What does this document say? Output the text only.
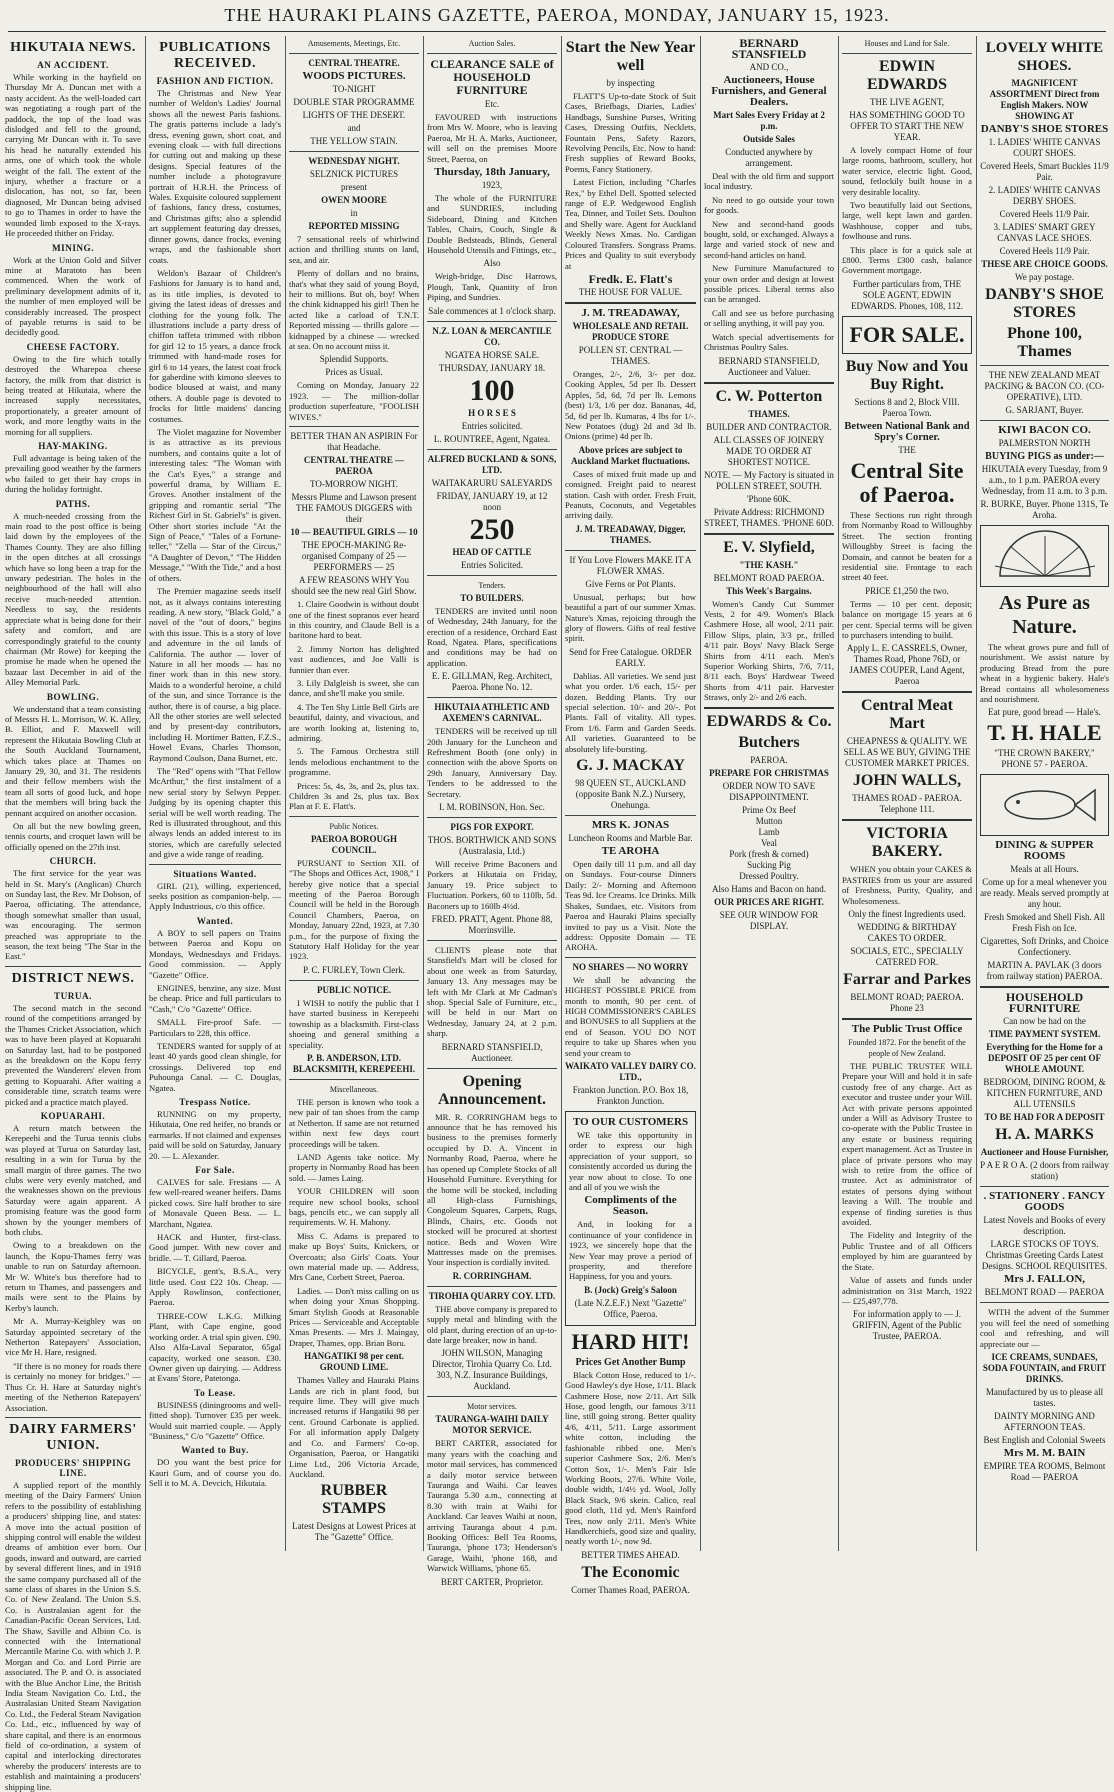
THE HAURAKI PLAINS GAZETTE, PAEROA, MONDAY, JANUARY 15, 1923.
HIKUTAIA NEWS.
AN ACCIDENT.

While working in the hayfield on Thursday Mr A. Duncan met with a nasty accident. As the well-loaded cart was negotiating a rough part of the paddock, the top of the load was dislodged and fell to the ground, carrying Mr Duncan with it. To save his head he naturally extended his arms, one of which took the whole weight of the fall. The extent of the injury, whether a fracture or a dislocation, has not, so far, been diagnosed, Mr Duncan being advised to go to Thames in order to have the wounded limb exposed to the X-rays. He proceeded thither on Friday.

MINING.

Work at the Union Gold and Silver mine at Maratoto has been commenced. When the work of preliminary development admits of it, the number of men employed will be considerably increased. The prospect of payable returns is said to be decidedly good.

CHEESE FACTORY.

Owing to the fire which totally destroyed the Wharepoa cheese factory, the milk from that district is being treated at Hikutaia, where the increased supply necessitates, proportionately, a greater amount of work, and more lengthy waits in the morning for all suppliers.

HAY-MAKING.

Full advantage is being taken of the prevailing good weather by the farmers who failed to get their hay crops in during the holiday fortnight.

PATHS.

A much-needed crossing from the main road to the post office is being laid down by the employees of the Thames County. They are also filling in the open ditches at all crossings which have so long been a trap for the unwary pedestrian. The holes in the neighbourhood of the hall will also receive much-needed attention. Needless to say, the residents appreciate what is being done for their safety and comfort, and are correspondingly grateful to the county chairman (Mr Rowe) for keeping the promise he made when he opened the bazaar last December in aid of the Alley Memorial Park.

BOWLING.

We understand that a team consisting of Messrs H. L. Morrison, W. K. Alley, B. Elliot, and F. Maxwell will represent the Hikutaia Bowling Club at the South Auckland Tournament, which takes place at Thames on January 29, 30, and 31. The residents and their fellow members wish the team all sorts of good luck, and hope that the members will bring back the pennant acquired on another occasion.

On all but the new bowling green, tennis courts, and croquet lawn will be officially opened on the 27th inst.

CHURCH.

The first service for the year was held in St. Mary's (Anglican) Church on Sunday last, the Rev. Mr Dobson, of Paeroa, officiating. The attendance, though somewhat smaller than usual, was encouraging. The sermon preached was appropriate to the season, the text being "The Star in the East."

DISTRICT NEWS.
TURUA.

The second match in the second round of the competitions arranged by the Thames Cricket Association, which was to have been played at Kopuarahi on Saturday last, had to be postponed as the breakdown on the Kopu ferry prevented the Wanderers' eleven from getting to Kopuarahi. After waiting a considerable time, scratch teams were picked and a practice match played.

KOPUARAHI.

A return match between the Kerepeehi and the Turua tennis clubs was played at Turua on Saturday last, resulting in a win for Turua by the small margin of three games. The two clubs were very evenly matched, and the weaknesses shown on the previous Saturday were again apparent. A promising feature was the good form shown by the younger members of both clubs.

Owing to a breakdown on the launch, the Kopu-Thames ferry was unable to run on Saturday afternoon. Mr W. White's bus therefore had to return to Thames, and passengers and mails were sent to the Plains by Kerby's launch.

Mr A. Murray-Keighley was on Saturday appointed secretary of the Netherton Ratepayers' Association, vice Mr H. Hare, resigned.

"If there is no money for roads there is certainly no money for bridges." — Thus Cr. H. Hare at Saturday night's meeting of the Netherton Ratepayers' Association.

DAIRY FARMERS' UNION.
PRODUCERS' SHIPPING LINE.

A supplied report of the monthly meeting of the Dairy Farmers' Union refers to the possibility of establishing a producers' shipping line, and states: A move into the actual position of shipping control will enable the wildest dreams of ambition ever born. Our goods, inward and outward, are carried by several different lines, and in 1918 the same company purchased all of the same class of shares in the Union S.S. Co. of New Zealand. The Union S.S. Co. is Australasian agent for the Canadian-Pacific Ocean Services, Ltd. The Shaw, Saville and Albion Co. is connected with the International Mercantile Marine Co. with which J. P. Morgan and Co. and Lord Pirrie are associated. The P. and O. is associated with the Blue Anchor Line, the British India Steam Navigation Co. Ltd., the Australasian United Steam Navigation Co. Ltd., the Federal Steam Navigation Co. Ltd., etc., influenced by way of share capital, and there is an enormous field of co-ordination, a system of capital and interlocking directorates whereby the producers' interests are to establish and maintaining a producers' shipping line.

PUBLICATIONS RECEIVED.
FASHION AND FICTION.

The Christmas and New Year number of Weldon's Ladies' Journal shows all the newest Paris fashions. The gratis patterns include a lady's dress, evening gown, short coat, and evening cloak — with full directions for cutting out and making up these designs. Special features of the number include a photogravure portrait of H.R.H. the Princess of Wales. Exquisite coloured supplement of fashions, fancy dress, costumes, and Christmas gifts; also a splendid art supplement featuring day dresses, dinner gowns, dance frocks, evening wraps, and the fashionable short coats.

Weldon's Bazaar of Children's Fashions for January is to hand and, as its title implies, is devoted to giving the latest ideas of dresses and clothing for the young folk. The illustrations include a party dress of chiffon taffeta trimmed with ribbon for girl 12 to 15 years, a dance frock trimmed with hand-made roses for girl 6 to 14 years, the latest coat frock for gaberdine with kimono sleeves to bodice bloused at waist, and many others. A double page is devoted to frocks for little maidens' dancing costumes.

The Violet magazine for November is as attractive as its previous numbers, and contains quite a lot of interesting tales: "The Woman with the Cat's Eyes," a strange and powerful drama, by William E. Groves. Another instalment of the gripping and romantic serial "The Richest Girl in St. Gabriel's" is given. Other short stories include "At the Sign of Peace," "Tales of a Fortune-teller," "Zella — Star of the Circus," "A Daughter of Devon," "The Hidden Message," "With the Tide," and a host of others.

The Premier magazine seeds itself not, as it always contains interesting reading. A new story, "Black Gold," a novel of the "out of doors," begins with this issue. This is a story of love and adventure in the oil lands of California. The author — lover of Nature in all her moods — has no finer work than in this new story. Maids to a wonderful heroine, a child of the sun, and since Torrance is the author, there is of course, a big place. All the other stories are well selected and by present-day contributors, including H. Mortimer Batten, F.Z.S., Howel Evans, Charles Thomson, Raymond Coulson, Dana Burnet, etc.

The "Red" opens with "That Fellow McArthur," the first instalment of a new serial story by Selwyn Pepper. Judging by its opening chapter this serial will be well worth reading. The Red is illustrated throughout, and this always lends an added interest to its stories, which are carefully selected and give a wide range of reading.

Situations Wanted.

GIRL (21), willing, experienced, seeks position as companion-help. — Apply Industrious, c/o this office.

Wanted.

A BOY to sell papers on Trains between Paeroa and Kopu on Mondays, Wednesdays and Fridays. Good commission. — Apply "Gazette" Office.

ENGINES, benzine, any size. Must be cheap. Price and full particulars to "Cash," C/o "Gazette" Office.

SMALL Fire-proof Safe. — Particulars to 228, this office.

TENDERS wanted for supply of at least 40 yards good clean shingle, for crossings. Delivered top end Puhounga Canal. — C. Douglas, Ngatea.

Trespass Notice.

RUNNING on my property, Hikutaia, One red heifer, no brands or earmarks. If not claimed and expenses paid will be sold on Saturday, January 20. — L. Alexander.

For Sale.

CALVES for sale. Fresians — A few well-reared weaner heifers. Dams picked cows. Sire half brother to sire of Monavale Queen Bess. — L. Marchant, Ngatea.

HACK and Hunter, first-class. Good jumper. With new cover and bridle. — T. Gillard, Paeroa.

BICYCLE, gent's, B.S.A., very little used. Cost £22 10s. Cheap. — Apply Rowlinson, confectioner, Paeroa.

THREE-COW L.K.G. Milking Plant, with Cape engine, good working order. A trial spin given. £90. Also Alfa-Laval Separator, 65gal capacity, worked one season. £30. Owner given up dairying. — Address at Evans' Store, Patetonga.

To Lease.

BUSINESS (diningrooms and well-fitted shop). Turnover £35 per week. Would suit married couple. — Apply "Business," C/o "Gazette" Office.

Wanted to Buy.

DO you want the best price for Kauri Gum, and of course you do. Sell it to M. A. Devcich, Hikutaia.

Amusements, Meetings, Etc.
CENTRAL THEATRE.
WOODS PICTURES.
TO-NIGHT
DOUBLE STAR PROGRAMME
LIGHTS OF THE DESERT.
and
THE YELLOW STAIN.
WEDNESDAY NIGHT.
SELZNICK PICTURES
present
OWEN MOORE
in
REPORTED MISSING

7 sensational reels of whirlwind action and thrilling stunts on land, sea, and air.

Plenty of dollars and no brains, that's what they said of young Boyd, heir to millions. But oh, boy! When the chink kidnapped his girl! Then he acted like a carload of T.N.T. Reported missing — thrills galore — kidnapped by a chinese — wrecked at sea. On no account miss it.

Splendid Supports.
Prices as Usual.

Coming on Monday, January 22 1923. — The million-dollar production superfeature, "FOOLISH WIVES."

BETTER THAN AN ASPIRIN For that Headache.
CENTRAL THEATRE — PAEROA
TO-MORROW NIGHT.
Messrs Plume and Lawson present THE FAMOUS DIGGERS with their
10 — BEAUTIFUL GIRLS — 10
THE EPOCH-MAKING Re-organised Company of 25 — PERFORMERS — 25
A FEW REASONS WHY You should see the new real Girl Show.

1. Claire Goodwin is without doubt one of the finest sopranos ever heard in this country, and Claude Bell is a baritone hard to beat.

2. Jimmy Norton has delighted vast audiences, and Joe Valli is funnier than ever.

3. Lily Dalgleish is sweet, she can dance, and she'll make you smile.

4. The Ten Shy Little Bell Girls are beautiful, dainty, and vivacious, and are worth looking at, listening to, admiring.

5. The Famous Orchestra still lends melodious enchantment to the programme.

Prices: 5s, 4s, 3s, and 2s, plus tax. Children 3s and 2s, plus tax. Box Plan at F. E. Flatt's.

Public Notices.
PAEROA BOROUGH COUNCIL.

PURSUANT to Section XII. of "The Shops and Offices Act, 1908," I hereby give notice that a special meeting of the Paeroa Borough Council will be held in the Borough Council Chambers, Paeroa, on Monday, January 22nd, 1923, at 7.30 p.m., for the purpose of fixing the Statutory Half Holiday for the year 1923.

P. C. FURLEY, Town Clerk.
PUBLIC NOTICE.

I WISH to notify the public that I have started business in Kerepeehi township as a blacksmith. First-class shoeing and general smithing a speciality.

P. B. ANDERSON, LTD. BLACKSMITH, KEREPEEHI.
Miscellaneous.

THE person is known who took a new pair of tan shoes from the camp at Netherton. If same are not returned within next few days court proceedings will be taken.

LAND Agents take notice. My property in Normanby Road has been sold. — James Laing.

YOUR CHILDREN will soon require new school books, school bags, pencils etc., we can supply all requirements. W. H. Mahony.

Miss C. Adams is prepared to make up Boys' Suits, Knickers, or Overcoats; also Girls' Coats. Your own material made up. — Address, Mrs Cane, Corbett Street, Paeroa.

Ladies. — Don't miss calling on us when doing your Xmas Shopping. Smart Stylish Goods at Reasonable Prices — Serviceable and Acceptable Xmas Presents. — Mrs J. Maingay, Draper, Thames, opp. Brian Boru.

HANGATIKI 98 per cent. GROUND LIME.

Thames Valley and Hauraki Plains Lands are rich in plant food, but require lime. They will give much increased returns if Hangatiki 98 per cent. Ground Carbonate is applied. For all information apply Dalgety and Co. and Farmers' Co-op. Organisation, Paeroa, or Hangatiki Lime Ltd., 206 Victoria Arcade, Auckland.

RUBBER STAMPS
Latest Designs at Lowest Prices at The "Gazette" Office.
Auction Sales.
CLEARANCE SALE of HOUSEHOLD FURNITURE
Etc.

FAVOURED with instructions from Mrs W. Moore, who is leaving Paeroa, Mr H. A. Marks, Auctioneer, will sell on the premises Moore Street, Paeroa, on

Thursday, 18th January,
1923,

The whole of the FURNITURE and SUNDRIES, including Sideboard, Dining and Kitchen Tables, Chairs, Couch, Single & Double Bedsteads, Blinds, General Household Utensils and Fittings, etc.,

Also

Weigh-bridge, Disc Harrows, Plough, Tank, Quantity of Iron Piping, and Sundries.

Sale commences at 1 o'clock sharp.
N.Z. LOAN & MERCANTILE CO.
NGATEA HORSE SALE.
THURSDAY, JANUARY 18.
100
H O R S E S
Entries solicited.
L. ROUNTREE, Agent, Ngatea.
ALFRED BUCKLAND & SONS, LTD.
WAITAKARURU SALEYARDS
FRIDAY, JANUARY 19, at 12 noon
250
HEAD OF CATTLE
Entries Solicited.
Tenders.
TO BUILDERS.

TENDERS are invited until noon of Wednesday, 24th January, for the erection of a residence, Orchard East Road, Ngatea. Plans, specifications and conditions may be had on application.

E. E. GILLMAN, Reg. Architect, Paeroa. Phone No. 12.
HIKUTAIA ATHLETIC AND AXEMEN'S CARNIVAL.

TENDERS will be received up till 20th January for the Luncheon and Refreshment Booth (one only) in connection with the above Sports on 29th January, Anniversary Day. Tenders to be addressed to the Secretary.

I. M. ROBINSON, Hon. Sec.
PIGS FOR EXPORT.
THOS. BORTHWICK AND SONS (Australasia, Ltd.)

Will receive Prime Baconers and Porkers at Hikutaia on Friday, January 19. Price subject to Fluctuation. Porkers, 60 to 110lb, 5d. Baconers up to 160lb 4½d.

FRED. PRATT, Agent. Phone 88, Morrinsville.

CLIENTS please note that Stansfield's Mart will be closed for about one week as from Saturday, January 13. Any messages may be left with Mr Clark at Mr Cadman's shop. Special Sale of Furniture, etc., will be held in our Mart on Wednesday, January 24, at 2 p.m. sharp.

BERNARD STANSFIELD, Auctioneer.
Opening Announcement.

MR. R. CORRINGHAM begs to announce that he has removed his business to the premises formerly occupied by D. A. Vincent in Normanby Road, Paeroa, where he has opened up Complete Stocks of all Household Furniture. Everything for the home will be stocked, including all High-class Furnishings, Congoleum Squares, Carpets, Rugs, Blinds, Chairs, etc. Goods not stocked will be procured at shortest notice. Beds and Woven Wire Mattresses made on the premises. Your inspection is cordially invited.

R. CORRINGHAM.
TIROHIA QUARRY COY. LTD.

THE above company is prepared to supply metal and blinding with the old plant, during erection of an up-to-date large breaker, now in hand.

JOHN WILSON, Managing Director, Tirohia Quarry Co. Ltd. 303, N.Z. Insurance Buildings, Auckland.
Motor services.
TAURANGA-WAIHI DAILY MOTOR SERVICE.

BERT CARTER, associated for many years with the coaching and motor mail services, has commenced a daily motor service between Tauranga and Waihi. Car leaves Tauranga 5.30 a.m., connecting at 8.30 with train at Waihi for Auckland. Car leaves Waihi at noon, arriving Tauranga about 4 p.m. Booking Offices: Bell Tea Rooms, Tauranga, 'phone 173; Henderson's Garage, Waihi, 'phone 168, and Warwick Williams, 'phone 65.

BERT CARTER, Proprietor.
Start the New Year well
by inspecting

FLATT'S Up-to-date Stock of Suit Cases, Briefbags, Diaries, Ladies' Handbags, Sunshine Purses, Writing Cases, Dressing Outfits, Necklets, Fountain Pens, Safety Razors, Revolving Pencils, Etc. Now to hand: Fresh supplies of Reward Books, Poems, Fancy Stationery.

Latest Fiction, including "Charles Rex," by Ethel Dell. Spotted selected range of E.P. Wedgewood English Tea, Dinner, and Toilet Sets. Doulton and Shelly ware. Agent for Auckland Weekly News Xmas. No. Cardigan Coloured Transfers. Songrass Prams. Prices and Quality to suit everybody at

Fredk. E. Flatt's
THE HOUSE FOR VALUE.
J. M. TREADAWAY,
WHOLESALE AND RETAIL PRODUCE STORE
POLLEN ST. CENTRAL — THAMES.

Oranges, 2/-, 2/6, 3/- per doz. Cooking Apples, 5d per lb. Dessert Apples, 5d, 6d, 7d per lb. Lemons (best) 1/3, 1/6 per doz. Bananas, 4d, 5d, 6d per lb. Kumaras, 4 lbs for 1/-. New Potatoes (dug) 2d and 3d lb. Onions (prime) 4d per lb.

Above prices are subject to Auckland Market fluctuations.

Cases of mixed fruit made up and consigned. Freight paid to nearest station. Cash with order. Fresh Fruit, Peanuts, Coconuts, and Vegetables arriving daily.

J. M. TREADAWAY, Digger, THAMES.
If You Love Flowers MAKE IT A FLOWER XMAS.
Give Ferns or Pot Plants.

Unusual, perhaps; but how beautiful a part of our summer Xmas. Nature's Xmas, rejoicing through the glory of flowers. Gifts of real festive spirit.

Send for Free Catalogue. ORDER EARLY.

Dahlias. All varieties. We send just what you order. 1/6 each, 15/- per dozen. Bedding Plants. Try our special selection. 10/- and 20/-. Pot Plants. Fall of vitality. All types. From 1/6. Farm and Garden Seeds. All varieties. Guaranteed to be absolutely life-bursting.

G. J. MACKAY
98 QUEEN ST., AUCKLAND (opposite Bank N.Z.) Nursery, Onehunga.
MRS K. JONAS
Luncheon Rooms and Marble Bar.
TE AROHA

Open daily till 11 p.m. and all day on Sundays. Four-course Dinners Daily: 2/- Morning and Afternoon Teas 9d. Ice Creams. Ice Drinks. Milk Shakes, Sundaes, etc. Visitors from Paeroa and Hauraki Plains specially invited to pay us a Visit. Note the address: Opposite Domain — TE AROHA.

NO SHARES — NO WORRY

We shall be advancing the HIGHEST POSSIBLE PRICE from month to month, 90 per cent. of HIGH COMMISSIONER'S CABLES and BONUSES to all Suppliers at the end of Season. YOU DO NOT require to take up Shares when you send your cream to

WAIKATO VALLEY DAIRY CO. LTD.,
Frankton Junction. P.O. Box 18, Frankton Junction.
TO OUR CUSTOMERS

WE take this opportunity in order to express our high appreciation of your support, so consistently accorded us during the year now about to close. To one and all of you we wish the

Compliments of the Season.

And, in looking for a continuance of your confidence in 1923, we sincerely hope that the New Year may prove a period of prosperity, and therefore Happiness, for you and yours.

B. (Jock) Greig's Saloon
(Late N.Z.E.F.) Next "Gazette" Office, Paeroa.
HARD HIT!
Prices Get Another Bump

Black Cotton Hose, reduced to 1/-. Good Hawley's dye Hose, 1/11. Black Cashmere Hose, now 2/11. Art Silk Hose, good length, our famous 3/11 line, still going strong. Better quality 4/6, 4/11, 5/11. Large assortment white cotton, including the fashionable ribbed one. Men's superior Cashmere Sox, 2/6. Men's Cotton Sox, 1/-. Men's Fair Isle Working Boots, 27/6. White Voile, double width, 1/4½ yd. Wool, Jolly Black Stack, 9/6 skein. Calico, real good cloth, 11d yd. Men's Rainford Tees, now only 2/11. Men's White Handkerchiefs, good size and quality, neatly worth 1/-, now 9d.

BETTER TIMES AHEAD.
The Economic
Corner Thames Road, PAEROA.
BERNARD STANSFIELD
AND CO.,
Auctioneers, House Furnishers, and General Dealers.
Mart Sales Every Friday at 2 p.m.
Outside Sales
Conducted anywhere by arrangement.

Deal with the old firm and support local industry.

No need to go outside your town for goods.

New and second-hand goods bought, sold, or exchanged. Always a large and varied stock of new and second-hand articles on hand.

New Furniture Manufactured to your own order and design at lowest possible prices. Liberal terms also can be arranged.

Call and see us before purchasing or selling anything, it will pay you.

Watch special advertisements for Christmas Poultry Sales.

BERNARD STANSFIELD, Auctioneer and Valuer.
C. W. Potterton
THAMES.
BUILDER AND CONTRACTOR.
ALL CLASSES OF JOINERY MADE TO ORDER AT SHORTEST NOTICE.
NOTE. — My Factory is situated in POLLEN STREET, SOUTH.
'Phone 60K.
Private Address: RICHMOND STREET, THAMES. 'PHONE 60D.
E. V. Slyfield,
"THE KASH."
BELMONT ROAD PAEROA.
This Week's Bargains.

Women's Candy Cut Summer Vests, 2 for 4/9. Women's Black Cashmere Hose, all wool, 2/11 pair. Fillow Slips, plain, 3/3 pr., frilled 4/11 pair. Boys' Navy Black Serge Shirts from 4/11 each. Men's Superior Working Shirts, 7/6, 7/11, 8/11 each. Boys' Hardwear Tweed Shorts from 4/11 pair. Harvester Straws, only 2/- and 2/6 each.

EDWARDS & Co.
Butchers
PAEROA.
PREPARE FOR CHRISTMAS
ORDER NOW TO SAVE DISAPPOINTMENT.
Prime Ox Beef
Mutton
Lamb
Veal
Pork (fresh & corned)
Sucking Pig
Dressed Poultry.
Also Hams and Bacon on hand.
OUR PRICES ARE RIGHT.
SEE OUR WINDOW FOR DISPLAY.
Houses and Land for Sale.
EDWIN EDWARDS
THE LIVE AGENT,
HAS SOMETHING GOOD TO OFFER TO START THE NEW YEAR.

A lovely compact Home of four large rooms, bathroom, scullery, hot water service, electric light. Good, sound, fetlockily built house in a very desirable locality.

Two beautifully laid out Sections, large, well kept lawn and garden. Washhouse, copper and tubs, fowlhouse and runs.

This place is for a quick sale at £800. Terms £300 cash, balance Government mortgage.

Further particulars from, THE SOLE AGENT, EDWIN EDWARDS. Phones, 108, 112.
FOR SALE.
Buy Now and You Buy Right.
Sections 8 and 2, Block VIII. Paeroa Town.
Between National Bank and Spry's Corner.
THE
Central Site of Paeroa.

These Sections run right through from Normanby Road to Willoughby Street. The section fronting Willoughby Street is facing the Domain, and cannot be beaten for a residential site. Frontage to each street 40 feet.

PRICE £1,250 the two.

Terms — 10 per cent. deposit; balance on mortgage 15 years at 6 per cent. Special terms will be given to purchasers intending to build.

Apply L. E. CASSRELS, Owner, Thames Road, Phone 76D, or JAMES COUPER, Land Agent, Paeroa
Central Meat Mart
CHEAPNESS & QUALITY. WE SELL AS WE BUY, GIVING THE CUSTOMER MARKET PRICES.
JOHN WALLS,
THAMES ROAD - PAEROA. Telephone 111.
VICTORIA BAKERY.

WHEN you obtain your CAKES & PASTRIES from us your are assured of Freshness, Purity, Quality, and Wholesomeness.

Only the finest Ingredients used.
WEDDING & BIRTHDAY CAKES TO ORDER.
SOCIALS, ETC., SPECIALLY CATERED FOR.
Farrar and Parkes
BELMONT ROAD; PAEROA. Phone 23
The Public Trust Office
Founded 1872. For the benefit of the people of New Zealand.

THE PUBLIC TRUSTEE WILL Prepare your Will and hold it in safe custody free of any charge. Act as executor and trustee under your Will. Act with private persons appointed under a Will as Advisory Trustee to co-operate with the Public Trustee in any estate or business requiring expert management. Act as Trustee in place of private persons who may wish to retire from the office of trustee. Act as administrator of estates of persons dying without leaving a Will. The trouble and expense of finding sureties is thus avoided.

The Fidelity and Integrity of the Public Trustee and of all Officers employed by him are guaranteed by the State.

Value of assets and funds under administration on 31st March, 1922 — £25,497,778.

For information apply to — J. GRIFFIN, Agent of the Public Trustee, PAEROA.
LOVELY WHITE SHOES.
MAGNIFICENT ASSORTMENT Direct from English Makers. NOW SHOWING AT
DANBY'S SHOE STORES
1. LADIES' WHITE CANVAS COURT SHOES.
Covered Heels, Smart Buckles 11/9 Pair.
2. LADIES' WHITE CANVAS DERBY SHOES.
Covered Heels 11/9 Pair.
3. LADIES' SMART GREY CANVAS LACE SHOES.
Covered Heels 11/9 Pair.
THESE ARE CHOICE GOODS.
We pay postage.
DANBY'S SHOE STORES
Phone 100, Thames
THE NEW ZEALAND MEAT PACKING & BACON CO. (CO-OPERATIVE), LTD.
G. SARJANT, Buyer.
KIWI BACON CO.
PALMERSTON NORTH
BUYING PIGS as under:—
HIKUTAIA every Tuesday, from 9 a.m., to 1 p.m. PAEROA every Wednesday, from 11 a.m. to 3 p.m.
R. BURKE, Buyer. Phone 131S, Te Aroha.
As Pure as Nature.

The wheat grows pure and full of nourishment. We assist nature by producing Bread from the pure wheat in a hygienic bakery. Hale's Bread contains all wholesomeness and nourishment.

Eat pure, good bread — Hale's.
T. H. HALE
"THE CROWN BAKERY," PHONE 57 - PAEROA.
DINING & SUPPER ROOMS
Meals at all Hours.
Come up for a meal whenever you are ready. Meals served promptly at any hour.
Fresh Smoked and Shell Fish. All Fresh Fish on Ice.
Cigarettes, Soft Drinks, and Choice Confectionery.
MARTIN A. PAVLAK (3 doors from railway station) PAEROA.
HOUSEHOLD FURNITURE
Can now be had on the
TIME PAYMENT SYSTEM.
Everything for the Home for a DEPOSIT OF 25 per cent OF WHOLE AMOUNT.
BEDROOM, DINING ROOM, & KITCHEN FURNITURE, AND ALL UTENSILS
TO BE HAD FOR A DEPOSIT
H. A. MARKS
Auctioneer and House Furnisher,
P A E R O A. (2 doors from railway station)
. STATIONERY . FANCY GOODS
Latest Novels and Books of every description.
LARGE STOCKS OF TOYS. Christmas Greeting Cards Latest Designs. SCHOOL REQUISITES.
Mrs J. FALLON,
BELMONT ROAD — PAEROA

WITH the advent of the Summer you will feel the need of something cool and refreshing, and will appreciate our —

ICE CREAMS, SUNDAES, SODA FOUNTAIN, and FRUIT DRINKS.
Manufactured by us to please all tastes.
DAINTY MORNING AND AFTERNOON TEAS.
Best English and Colonial Sweets
Mrs M. M. BAIN
EMPIRE TEA ROOMS, Belmont Road — PAEROA
